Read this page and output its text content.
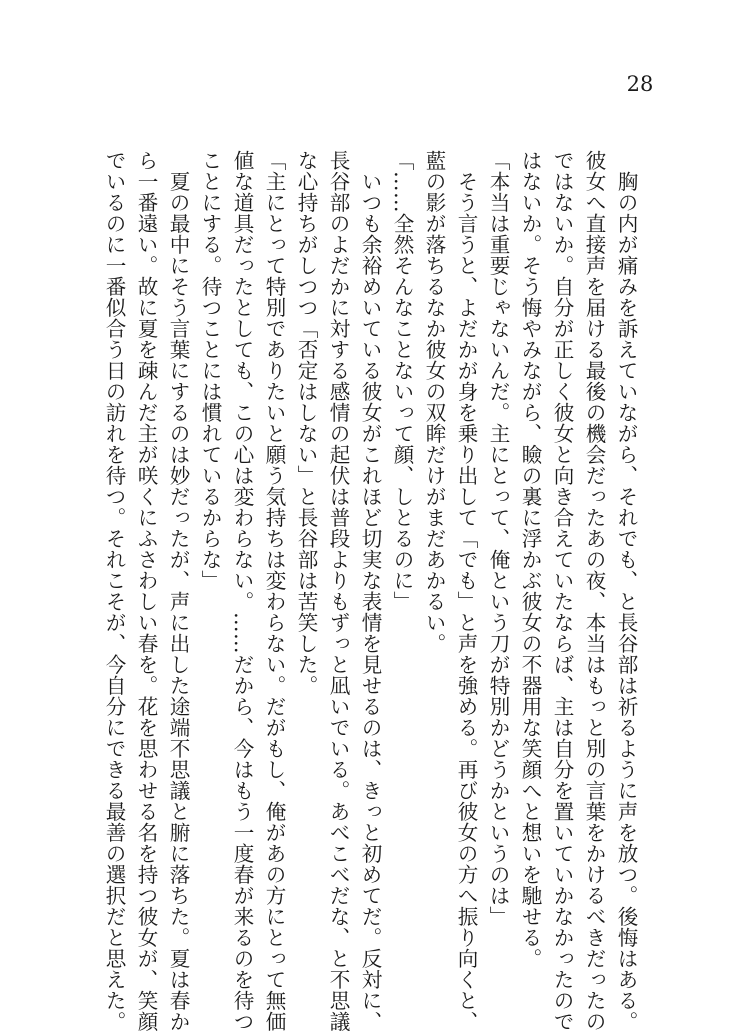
28

　胸の内が痛みを訴えていながら、それでも、と長谷部は祈るように声を放つ。後悔はある。

彼女へ直接声を届ける最後の機会だったあの夜、本当はもっと別の言葉をかけるべきだったの

ではないか。自分が正しく彼女と向き合えていたならば、主は自分を置いていかなかったので

はないか。そう悔やみながら、瞼の裏に浮かぶ彼女の不器用な笑顔へと想いを馳せる。

「本当は重要じゃないんだ。主にとって、俺という刀が特別かどうかというのは」

　そう言うと、よだかが身を乗り出して「でも」と声を強める。再び彼女の方へ振り向くと、

藍の影が落ちるなか彼女の双眸だけがまだあかるい。

「……全然そんなことないって顔、しとるのに」

　いつも余裕めいている彼女がこれほど切実な表情を見せるのは、きっと初めてだ。反対に、

長谷部のよだかに対する感情の起伏は普段よりもずっと凪いでいる。あべこべだな、と不思議

な心持ちがしつつ「否定はしない」と長谷部は苦笑した。

「主にとって特別でありたいと願う気持ちは変わらない。だがもし、俺があの方にとって無価

値な道具だったとしても、この心は変わらない。……だから、今はもう一度春が来るのを待つ

ことにする。待つことには慣れているからな」

　夏の最中にそう言葉にするのは妙だったが、声に出した途端不思議と腑に落ちた。夏は春か

ら一番遠い。故に夏を疎んだ主が咲くにふさわしい春を。花を思わせる名を持つ彼女が、笑顔

でいるのに一番似合う日の訪れを待つ。それこそが、今自分にできる最善の選択だと思えた。
